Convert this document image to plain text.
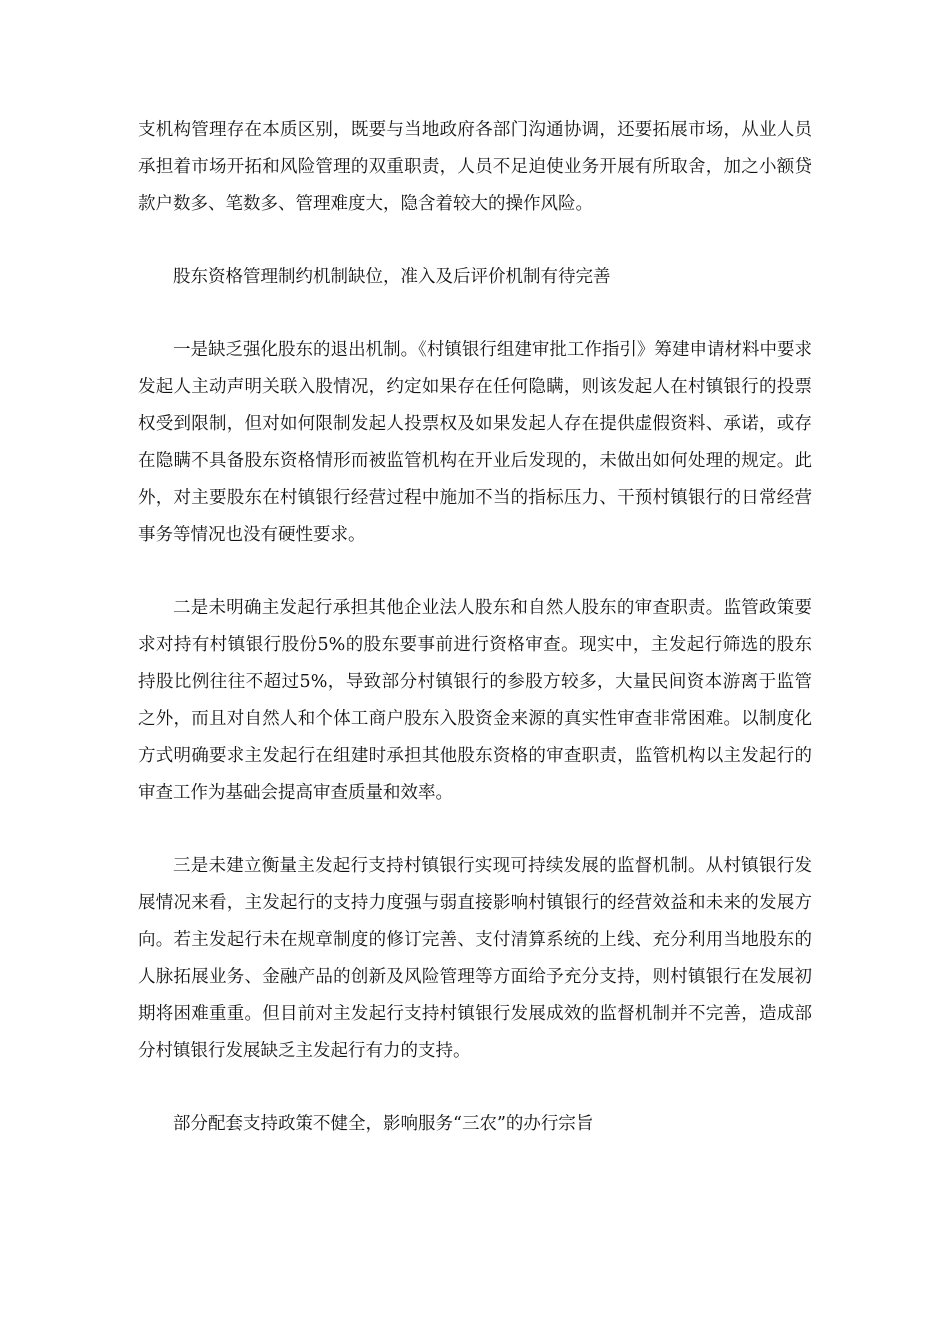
支机构管理存在本质区别，既要与当地政府各部门沟通协调，还要拓展市场，从业人员承担着市场开拓和风险管理的双重职责，人员不足迫使业务开展有所取舍，加之小额贷款户数多、笔数多、管理难度大，隐含着较大的操作风险。

股东资格管理制约机制缺位，准入及后评价机制有待完善

一是缺乏强化股东的退出机制。《村镇银行组建审批工作指引》筹建申请材料中要求发起人主动声明关联入股情况，约定如果存在任何隐瞒，则该发起人在村镇银行的投票权受到限制，但对如何限制发起人投票权及如果发起人存在提供虚假资料、承诺，或存在隐瞒不具备股东资格情形而被监管机构在开业后发现的，未做出如何处理的规定。此外，对主要股东在村镇银行经营过程中施加不当的指标压力、干预村镇银行的日常经营事务等情况也没有硬性要求。

二是未明确主发起行承担其他企业法人股东和自然人股东的审查职责。监管政策要求对持有村镇银行股份5%的股东要事前进行资格审查。现实中，主发起行筛选的股东持股比例往往不超过5%，导致部分村镇银行的参股方较多，大量民间资本游离于监管之外，而且对自然人和个体工商户股东入股资金来源的真实性审查非常困难。以制度化方式明确要求主发起行在组建时承担其他股东资格的审查职责，监管机构以主发起行的审查工作为基础会提高审查质量和效率。

三是未建立衡量主发起行支持村镇银行实现可持续发展的监督机制。从村镇银行发展情况来看，主发起行的支持力度强与弱直接影响村镇银行的经营效益和未来的发展方向。若主发起行未在规章制度的修订完善、支付清算系统的上线、充分利用当地股东的人脉拓展业务、金融产品的创新及风险管理等方面给予充分支持，则村镇银行在发展初期将困难重重。但目前对主发起行支持村镇银行发展成效的监督机制并不完善，造成部分村镇银行发展缺乏主发起行有力的支持。

部分配套支持政策不健全，影响服务“三农”的办行宗旨
